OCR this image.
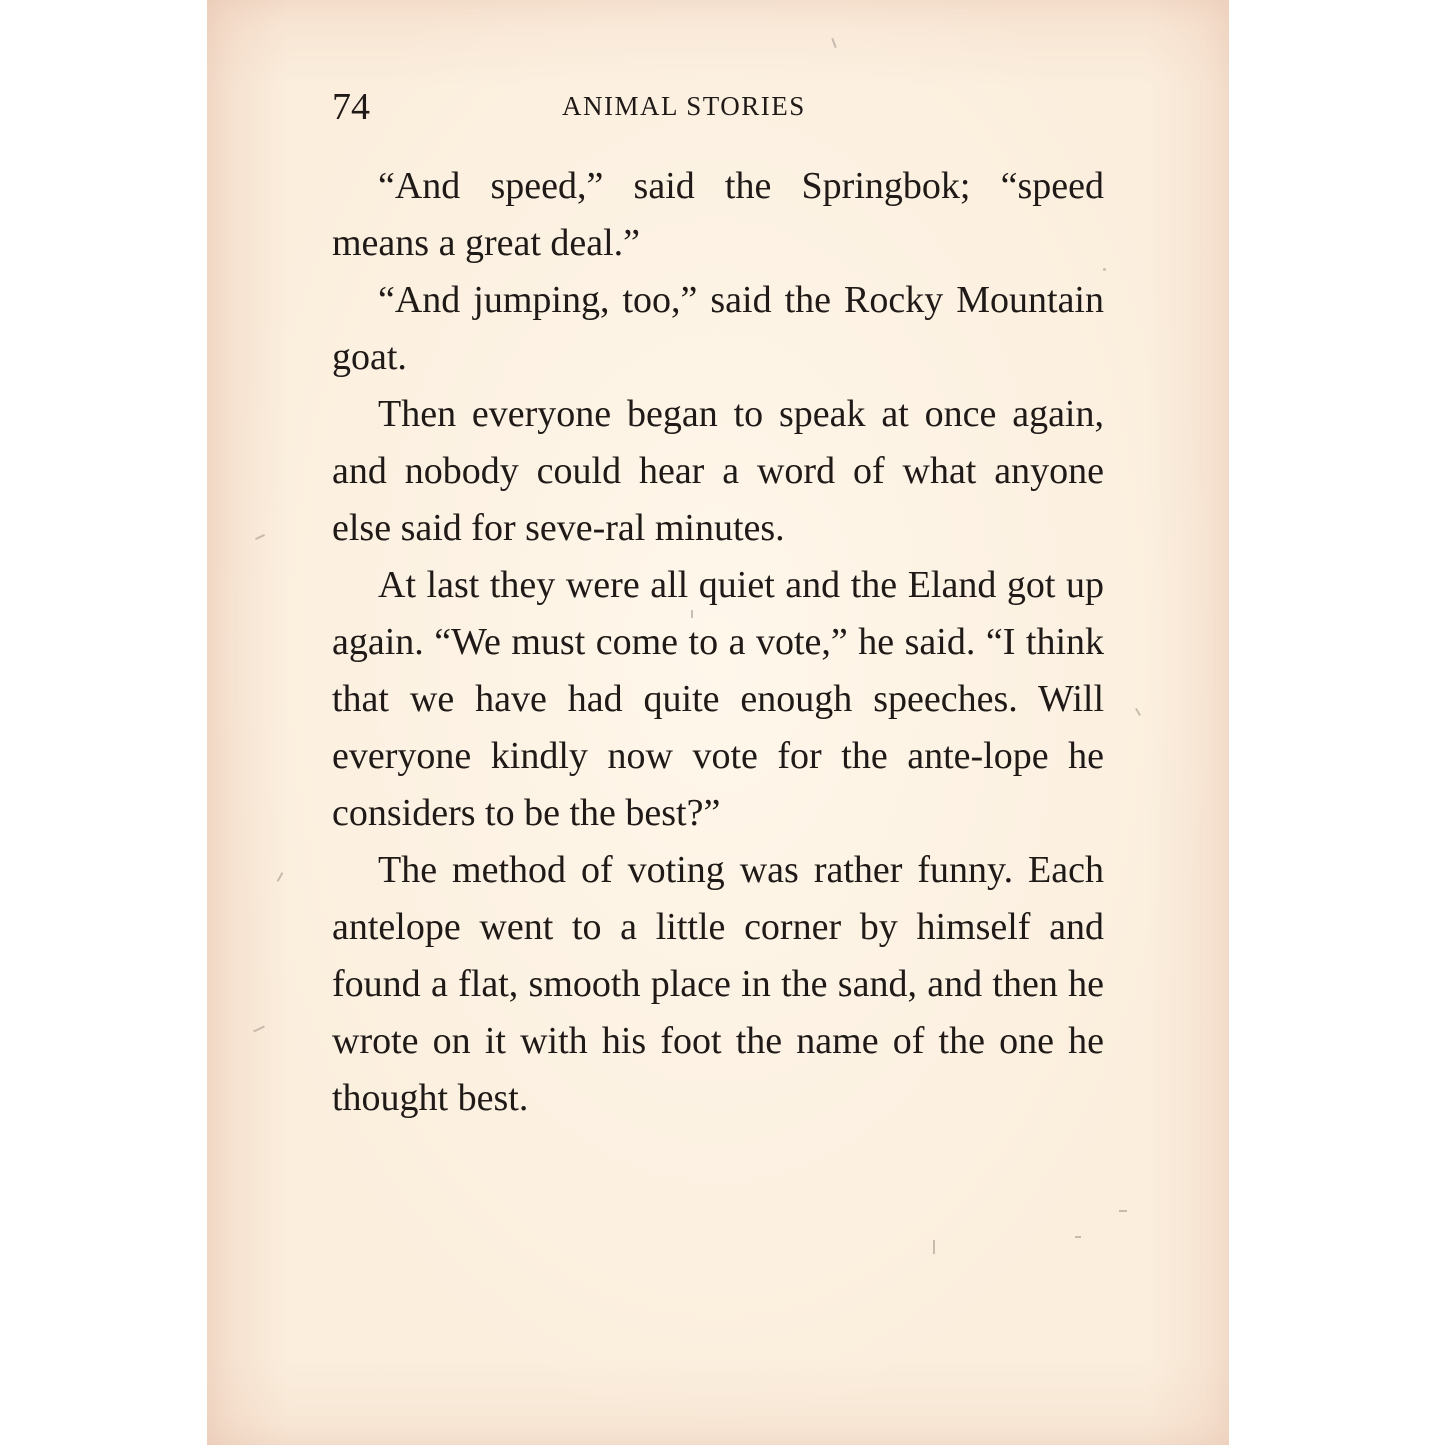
74	ANIMAL STORIES

“And speed,” said the Springbok; “speed means a great deal.”

“And jumping, too,” said the Rocky Mountain goat.

Then everyone began to speak at once again, and nobody could hear a word of what anyone else said for seve-ral minutes.

At last they were all quiet and the Eland got up again. “We must come to a vote,” he said. “I think that we have had quite enough speeches. Will everyone kindly now vote for the ante-lope he considers to be the best?”

The method of voting was rather funny. Each antelope went to a little corner by himself and found a flat, smooth place in the sand, and then he wrote on it with his foot the name of the one he thought best.
